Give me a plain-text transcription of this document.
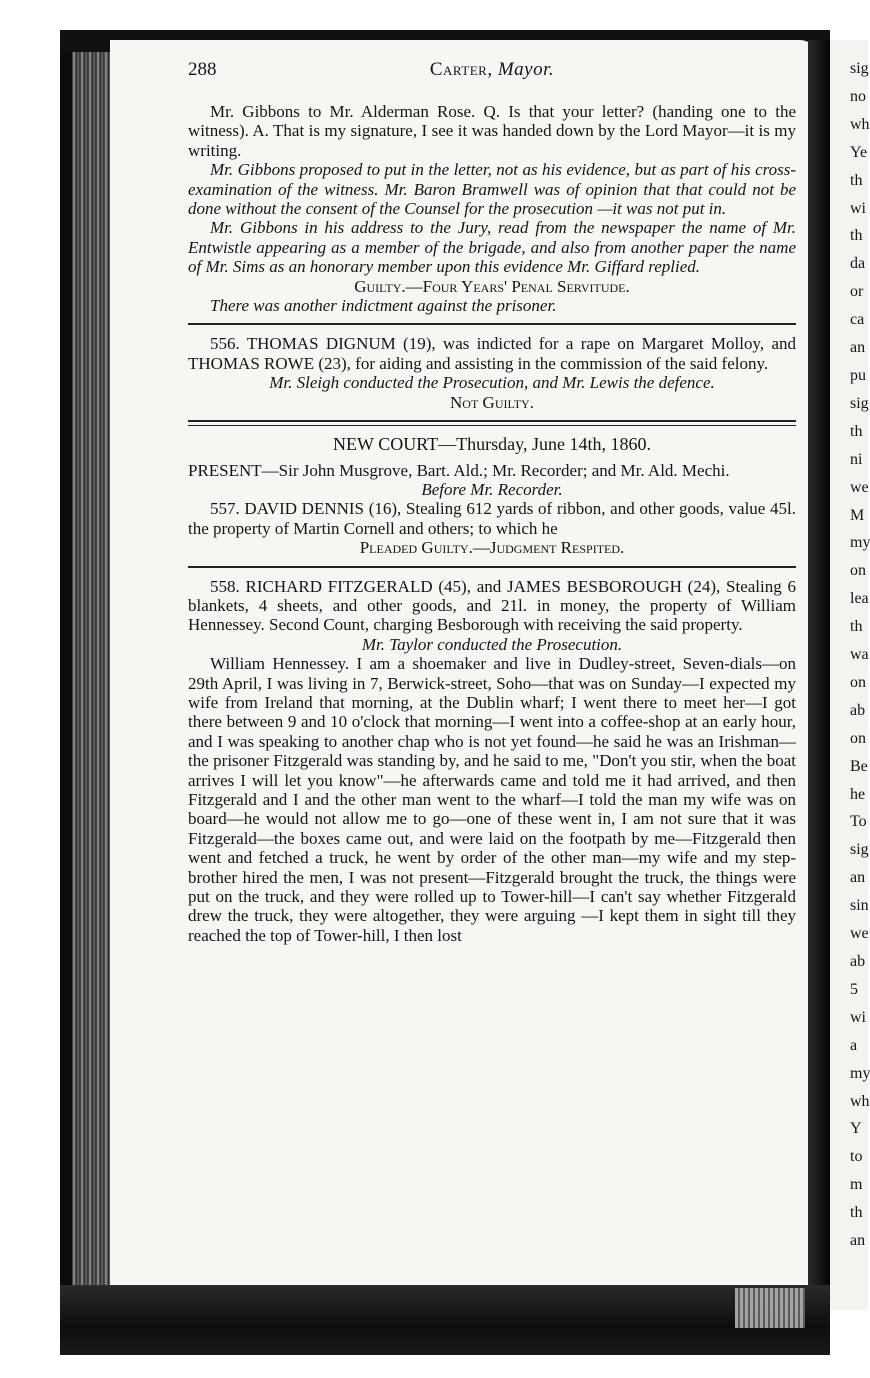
sig
no
wh
Ye
th
wi
th
da
or
ca
an
pu
sig
th
ni
we
M
my
on
lea
th
wa
on
ab
on
Be
he
To
sig
an
sin
we
ab
5
wi
a
my
wh
Y
to
m
th
an
288	Carter, Mayor.

Mr. Gibbons to Mr. Alderman Rose. Q. Is that your letter? (handing one to the witness). A. That is my signature, I see it was handed down by the Lord Mayor—it is my writing.

Mr. Gibbons proposed to put in the letter, not as his evidence, but as part of his cross-examination of the witness. Mr. Baron Bramwell was of opinion that that could not be done without the consent of the Counsel for the prosecution —it was not put in.

Mr. Gibbons in his address to the Jury, read from the newspaper the name of Mr. Entwistle appearing as a member of the brigade, and also from another paper the name of Mr. Sims as an honorary member upon this evidence Mr. Giffard replied.

Guilty.—Four Years' Penal Servitude.

There was another indictment against the prisoner.

556. THOMAS DIGNUM (19), was indicted for a rape on Margaret Molloy, and THOMAS ROWE (23), for aiding and assisting in the commission of the said felony.

Mr. Sleigh conducted the Prosecution, and Mr. Lewis the defence.

Not Guilty.

NEW COURT—Thursday, June 14th, 1860.

PRESENT—Sir John Musgrove, Bart. Ald.; Mr. Recorder; and Mr. Ald. Mechi.

Before Mr. Recorder.

557. DAVID DENNIS (16), Stealing 612 yards of ribbon, and other goods, value 45l. the property of Martin Cornell and others; to which he

Pleaded Guilty.—Judgment Respited.

558. RICHARD FITZGERALD (45), and JAMES BESBOROUGH (24), Stealing 6 blankets, 4 sheets, and other goods, and 21l. in money, the property of William Hennessey. Second Count, charging Besborough with receiving the said property.

Mr. Taylor conducted the Prosecution.

William Hennessey. I am a shoemaker and live in Dudley-street, Seven-dials—on 29th April, I was living in 7, Berwick-street, Soho—that was on Sunday—I expected my wife from Ireland that morning, at the Dublin wharf; I went there to meet her—I got there between 9 and 10 o'clock that morning—I went into a coffee-shop at an early hour, and I was speaking to another chap who is not yet found—he said he was an Irishman—the prisoner Fitzgerald was standing by, and he said to me, "Don't you stir, when the boat arrives I will let you know"—he afterwards came and told me it had arrived, and then Fitzgerald and I and the other man went to the wharf—I told the man my wife was on board—he would not allow me to go—one of these went in, I am not sure that it was Fitzgerald—the boxes came out, and were laid on the footpath by me—Fitzgerald then went and fetched a truck, he went by order of the other man—my wife and my step-brother hired the men, I was not present—Fitzgerald brought the truck, the things were put on the truck, and they were rolled up to Tower-hill—I can't say whether Fitzgerald drew the truck, they were altogether, they were arguing —I kept them in sight till they reached the top of Tower-hill, I then lost
